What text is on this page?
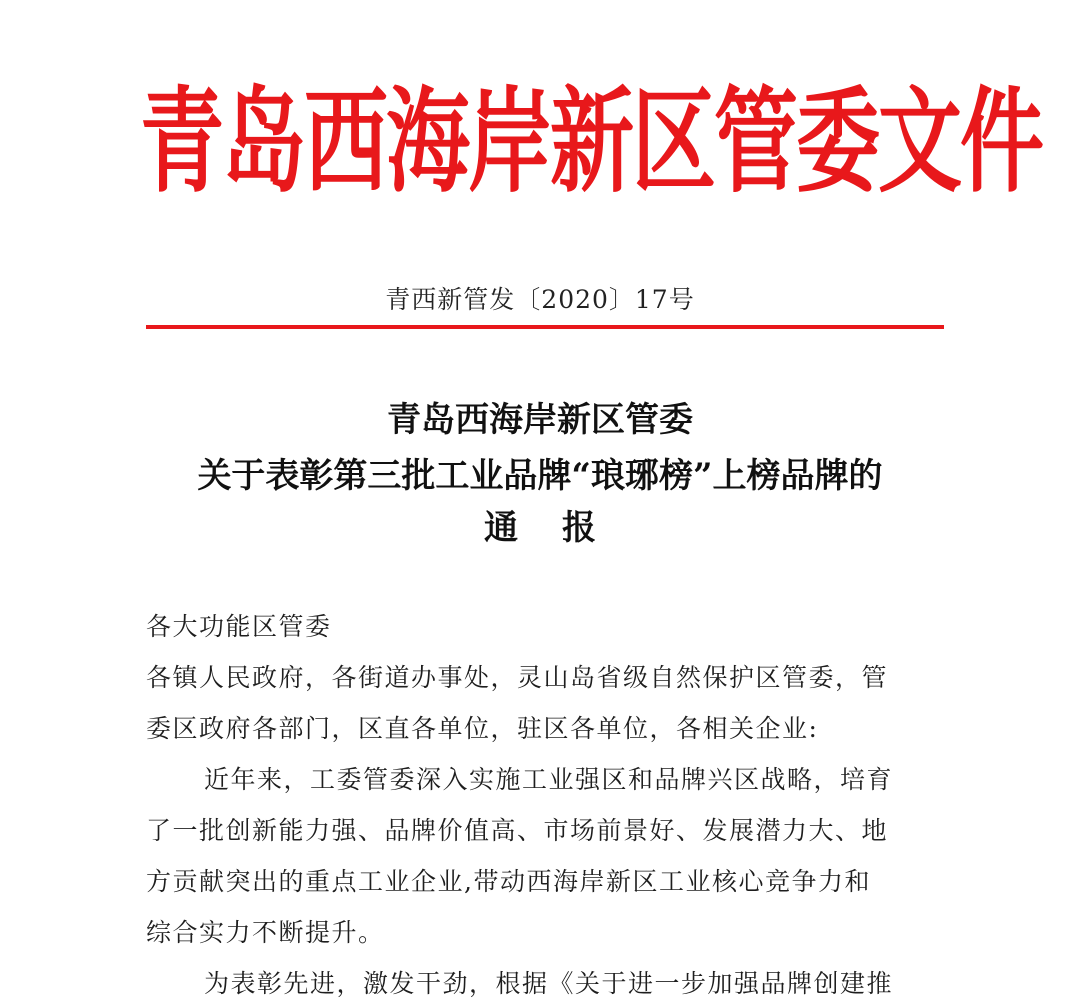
青岛西海岸新区管委文件
青西新管发〔2020〕17号
青岛西海岸新区管委
关于表彰第三批工业品牌“琅琊榜”上榜品牌的
通 报
各大功能区管委
各镇人民政府，各街道办事处，灵山岛省级自然保护区管委，管
委区政府各部门，区直各单位，驻区各单位，各相关企业:
近年来，工委管委深入实施工业强区和品牌兴区战略，培育
了一批创新能力强、品牌价值高、市场前景好、发展潜力大、地
方贡献突出的重点工业企业,带动西海岸新区工业核心竞争力和
综合实力不断提升。
为表彰先进，激发干劲，根据《关于进一步加强品牌创建推
